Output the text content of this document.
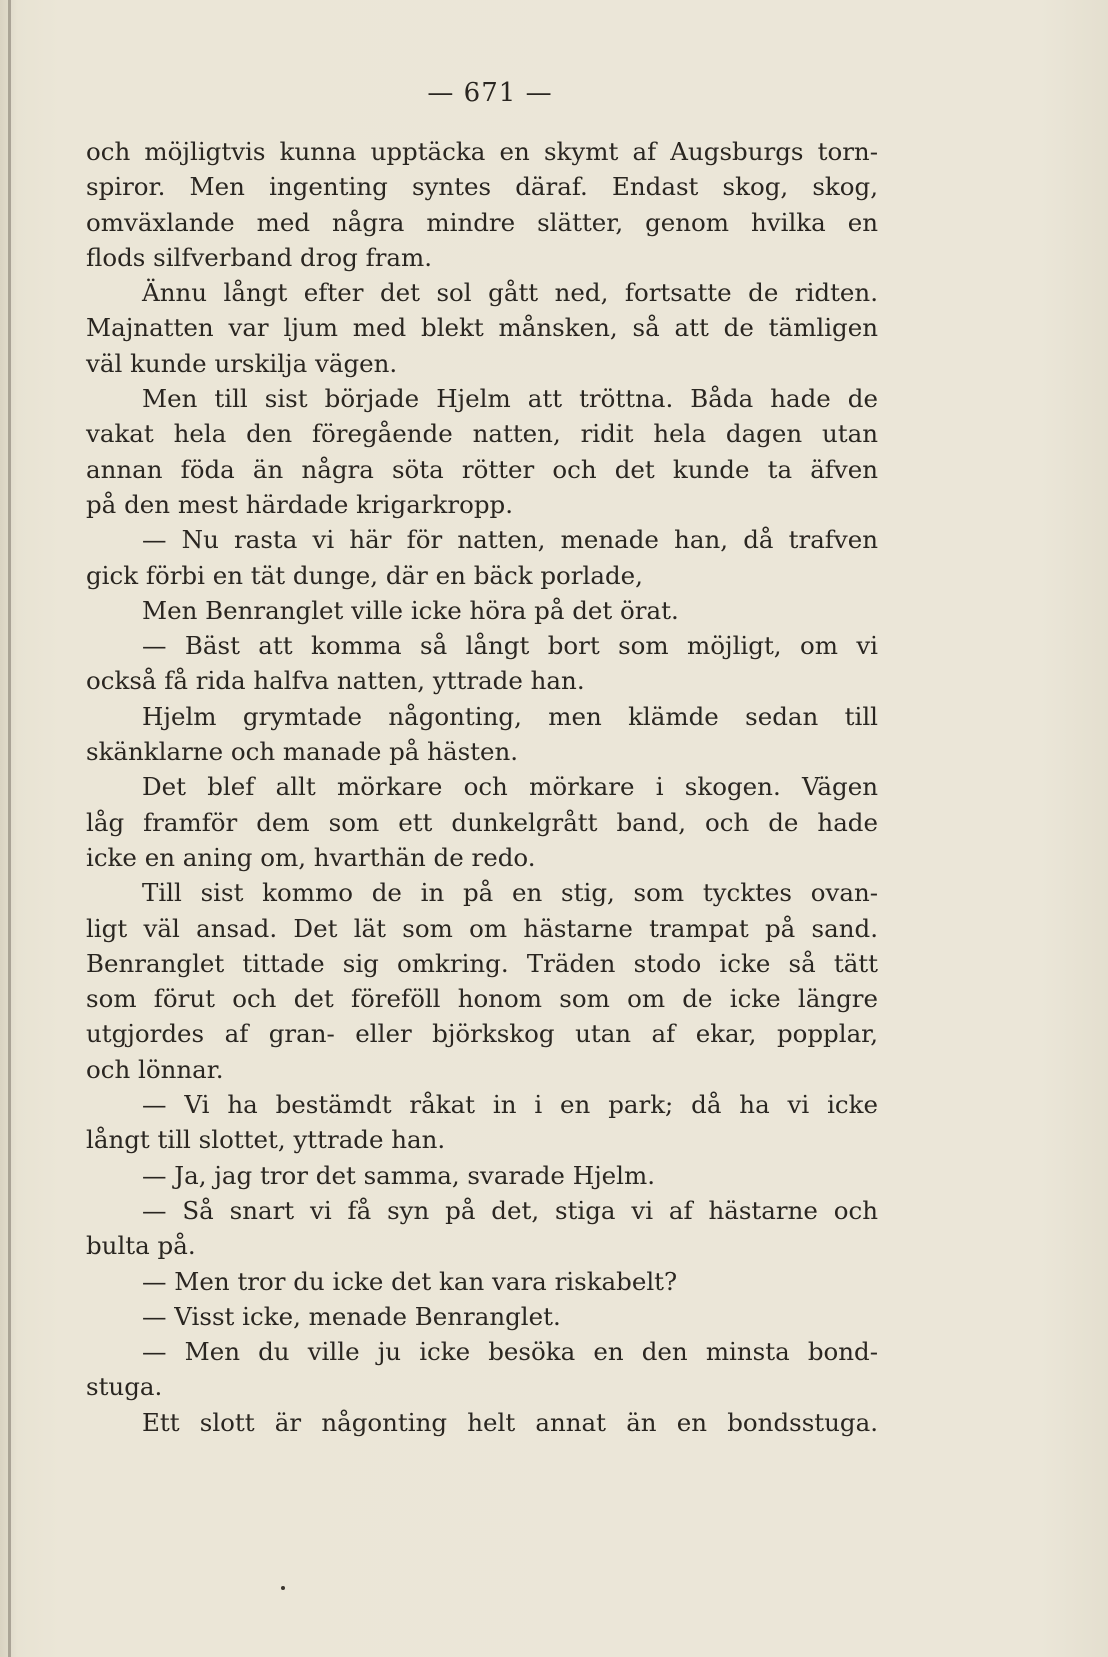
— 671 —
och möjligtvis kunna upptäcka en skymt af Augsburgs torn-
spiror. Men ingenting syntes däraf. Endast skog, skog,
omväxlande med några mindre slätter, genom hvilka en
flods silfverband drog fram.
Ännu långt efter det sol gått ned, fortsatte de ridten.
Majnatten var ljum med blekt månsken, så att de tämligen
väl kunde urskilja vägen.
Men till sist började Hjelm att tröttna. Båda hade de
vakat hela den föregående natten, ridit hela dagen utan
annan föda än några söta rötter och det kunde ta äfven
på den mest härdade krigarkropp.
— Nu rasta vi här för natten, menade han, då trafven
gick förbi en tät dunge, där en bäck porlade,
Men Benranglet ville icke höra på det örat.
— Bäst att komma så långt bort som möjligt, om vi
också få rida halfva natten, yttrade han.
Hjelm grymtade någonting, men klämde sedan till
skänklarne och manade på hästen.
Det blef allt mörkare och mörkare i skogen. Vägen
låg framför dem som ett dunkelgrått band, och de hade
icke en aning om, hvarthän de redo.
Till sist kommo de in på en stig, som tycktes ovan-
ligt väl ansad. Det lät som om hästarne trampat på sand.
Benranglet tittade sig omkring. Träden stodo icke så tätt
som förut och det föreföll honom som om de icke längre
utgjordes af gran- eller björkskog utan af ekar, popplar,
och lönnar.
— Vi ha bestämdt råkat in i en park; då ha vi icke
långt till slottet, yttrade han.
— Ja, jag tror det samma, svarade Hjelm.
— Så snart vi få syn på det, stiga vi af hästarne och
bulta på.
— Men tror du icke det kan vara riskabelt?
— Visst icke, menade Benranglet.
— Men du ville ju icke besöka en den minsta bond-
stuga.
Ett slott är någonting helt annat än en bondsstuga.
